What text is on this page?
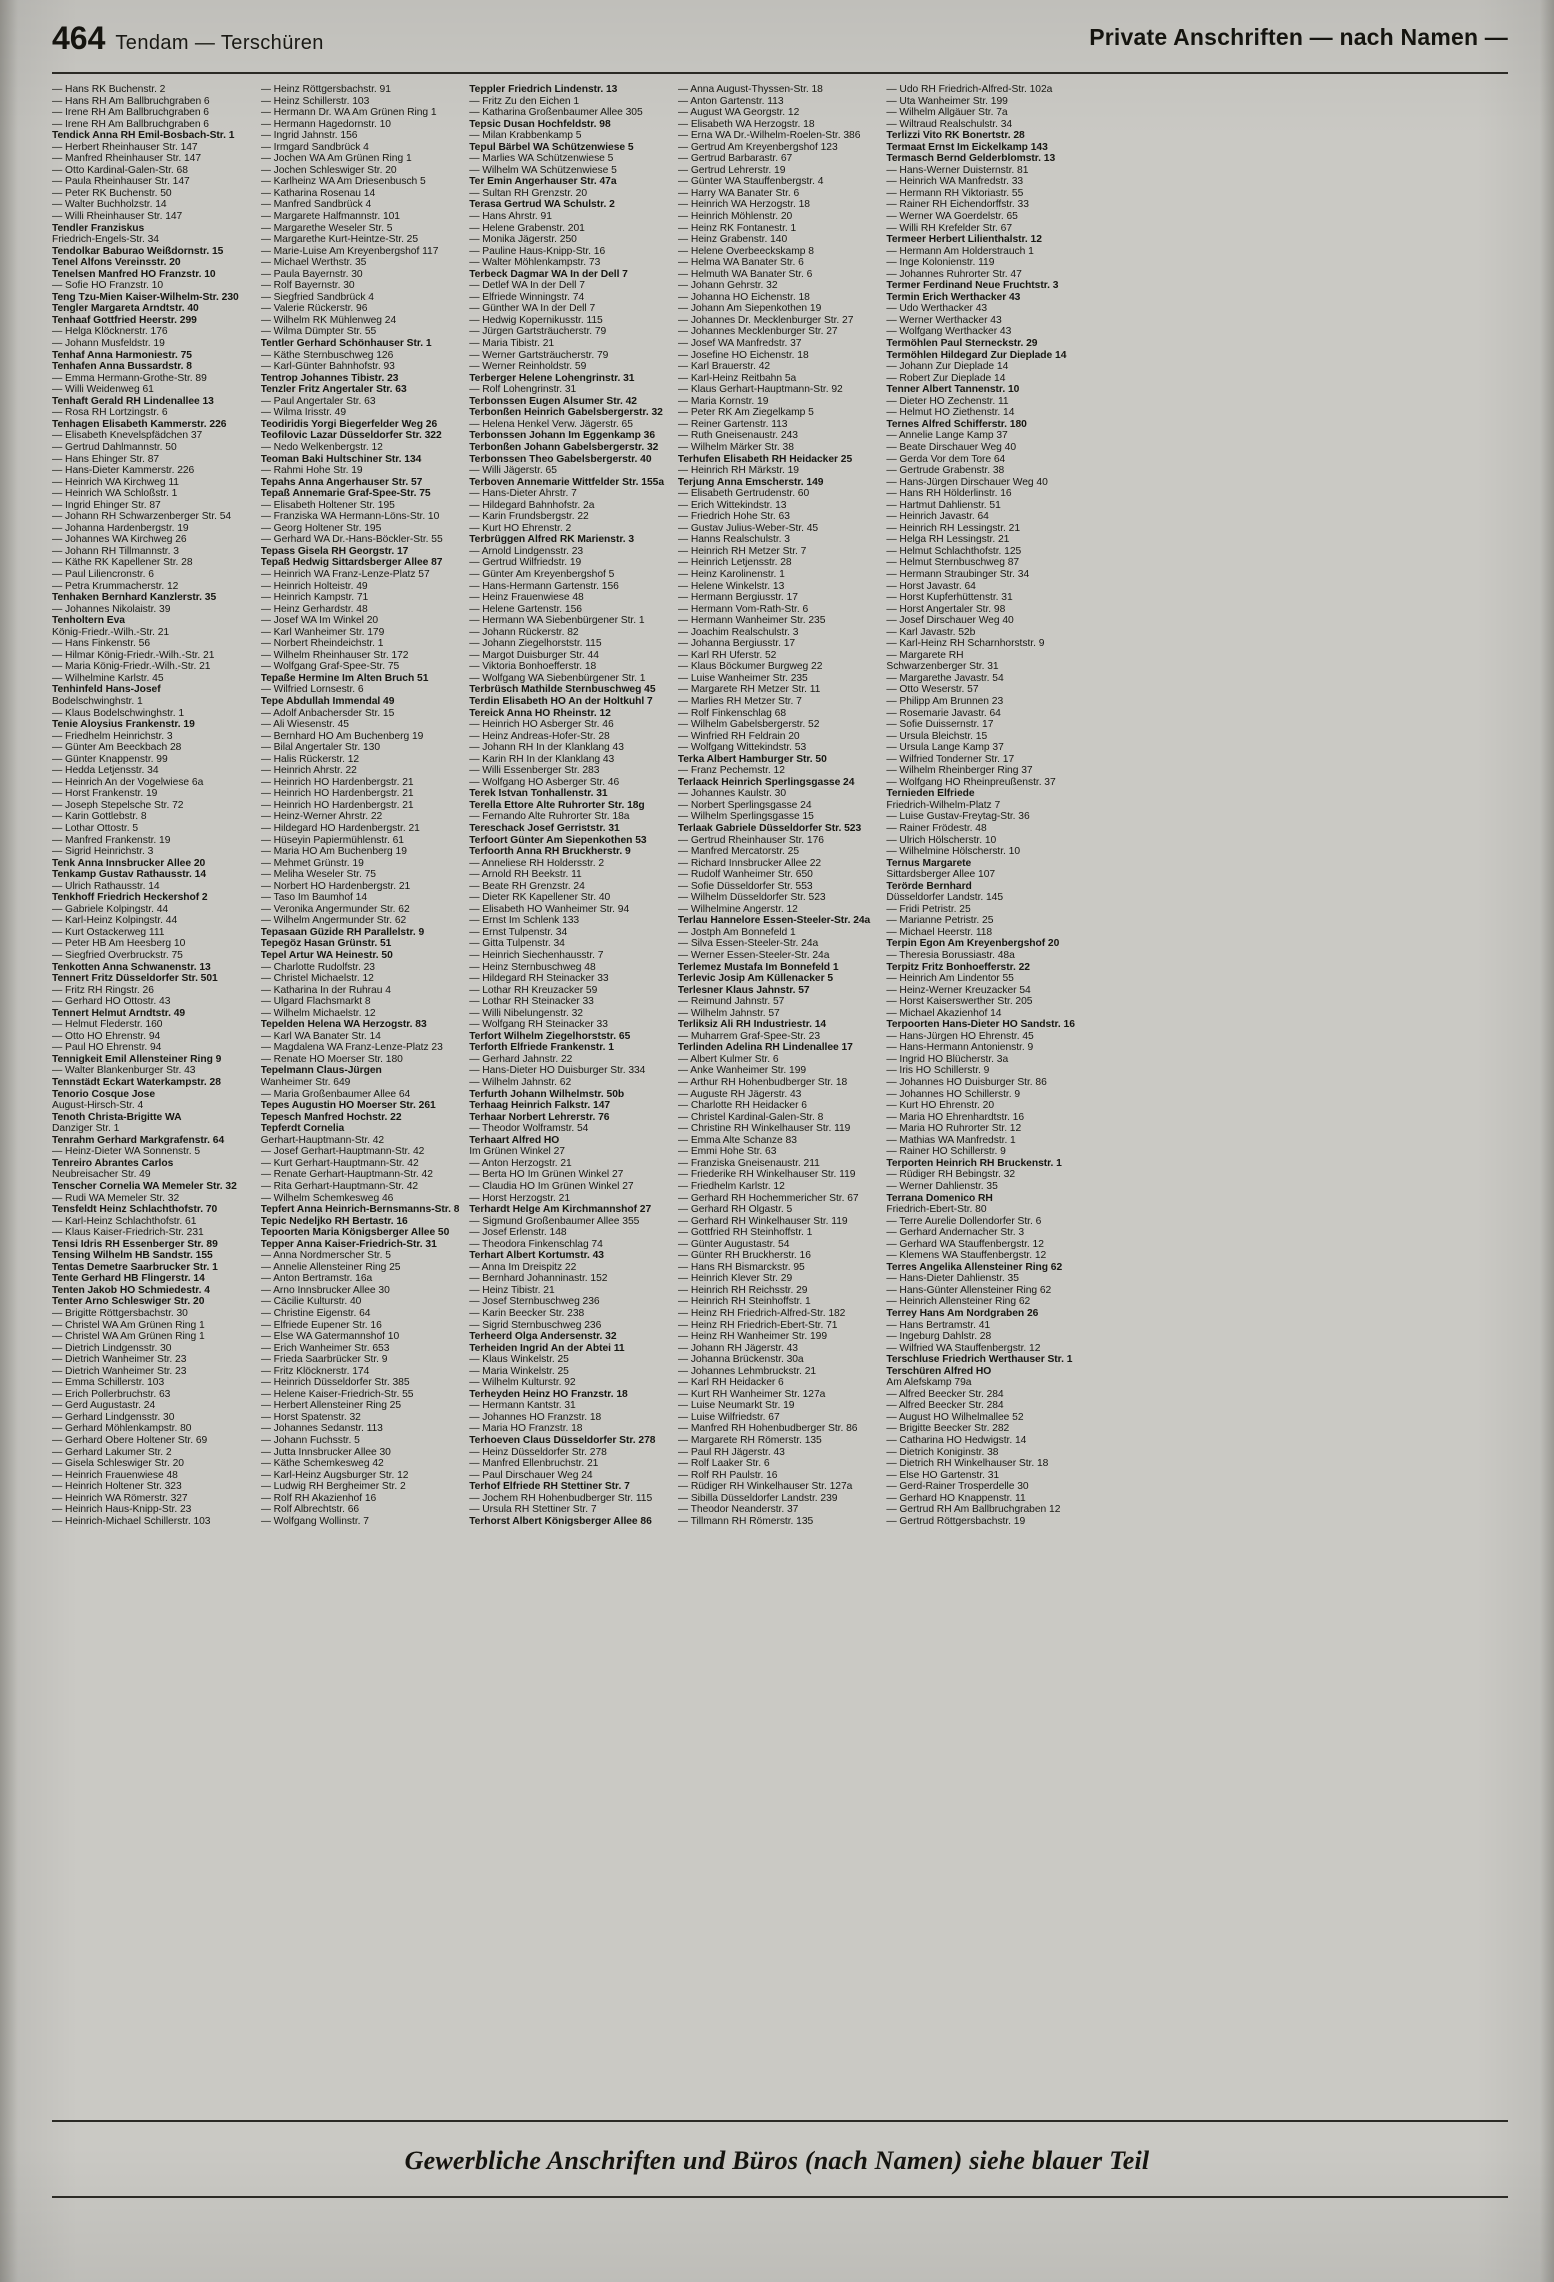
464 Tendam — Terschüren	Private Anschriften — nach Namen —
— Hans RK Buchenstr. 2
— Hans RH Am Ballbruchgraben 6
— Irene RH Am Ballbruchgraben 6
— Irene RH Am Ballbruchgraben 6
Tendick Anna RH Emil-Bosbach-Str. 1
— Herbert Rheinhauser Str. 147
— Manfred Rheinhauser Str. 147
— Otto Kardinal-Galen-Str. 68
— Paula Rheinhauser Str. 147
— Peter RK Buchenstr. 50
— Walter Buchholzstr. 14
— Willi Rheinhauser Str. 147
Tendler Franziskus
Friedrich-Engels-Str. 34
Tendolkar Baburao Weißdornstr. 15
Tenel Alfons Vereinsstr. 20
Tenelsen Manfred HO Franzstr. 10
— Sofie HO Franzstr. 10
Teng Tzu-Mien Kaiser-Wilhelm-Str. 230
Tengler Margareta Arndtstr. 40
Tenhaaf Gottfried Heerstr. 299
— Helga Klöcknerstr. 176
— Johann Musfeldstr. 19
Tenhaf Anna Harmoniestr. 75
Tenhafen Anna Bussardstr. 8
— Emma Hermann-Grothe-Str. 89
— Willi Weidenweg 61
Tenhaft Gerald RH Lindenallee 13
— Rosa RH Lortzingstr. 6
Tenhagen Elisabeth Kammerstr. 226
— Elisabeth Knevelspfädchen 37
— Gertrud Dahlmannstr. 50
— Hans Ehinger Str. 87
— Hans-Dieter Kammerstr. 226
— Heinrich WA Kirchweg 11
— Heinrich WA Schloßstr. 1
— Ingrid Ehinger Str. 87
— Johann RH Schwarzenberger Str. 54
— Johanna Hardenbergstr. 19
— Johannes WA Kirchweg 26
— Johann RH Tillmannstr. 3
— Käthe RK Kapellener Str. 28
— Paul Liliencronstr. 6
— Petra Krummacherstr. 12
Tenhaken Bernhard Kanzlerstr. 35
— Johannes Nikolaistr. 39
Tenholtern Eva
König-Friedr.-Wilh.-Str. 21
— Hans Finkenstr. 56
— Hilmar König-Friedr.-Wilh.-Str. 21
— Maria König-Friedr.-Wilh.-Str. 21
— Wilhelmine Karlstr. 45
Tenhinfeld Hans-Josef
Bodelschwinghstr. 1
— Klaus Bodelschwinghstr. 1
Tenie Aloysius Frankenstr. 19
— Friedhelm Heinrichstr. 3
— Günter Am Beeckbach 28
— Günter Knappenstr. 99
— Hedda Letjensstr. 34
— Heinrich An der Vogelwiese 6a
— Horst Frankenstr. 19
— Joseph Stepelsche Str. 72
— Karin Gottlebstr. 8
— Lothar Ottostr. 5
— Manfred Frankenstr. 19
— Sigrid Heinrichstr. 3
Tenk Anna Innsbrucker Allee 20
Tenkamp Gustav Rathausstr. 14
— Ulrich Rathausstr. 14
Tenkhoff Friedrich Heckershof 2
— Gabriele Kolpingstr. 44
— Karl-Heinz Kolpingstr. 44
— Kurt Ostackerweg 111
— Peter HB Am Heesberg 10
— Siegfried Overbruckstr. 75
Tenkotten Anna Schwanenstr. 13
Tennert Fritz Düsseldorfer Str. 501
— Fritz RH Ringstr. 26
— Gerhard HO Ottostr. 43
Tennert Helmut Arndtstr. 49
— Helmut Flederstr. 160
— Otto HO Ehrenstr. 94
— Paul HO Ehrenstr. 94
Tennigkeit Emil Allensteiner Ring 9
— Walter Blankenburger Str. 43
Tennstädt Eckart Waterkampstr. 28
Tenorio Cosque Jose
August-Hirsch-Str. 4
Tenoth Christa-Brigitte WA
Danziger Str. 1
Tenrahm Gerhard Markgrafenstr. 64
— Heinz-Dieter WA Sonnenstr. 5
Tenreiro Abrantes Carlos
Neubreisacher Str. 49
Tenscher Cornelia WA Memeler Str. 32
— Rudi WA Memeler Str. 32
Tensfeldt Heinz Schlachthofstr. 70
— Karl-Heinz Schlachthofstr. 61
— Klaus Kaiser-Friedrich-Str. 231
Tensi Idris RH Essenberger Str. 89
Tensing Wilhelm HB Sandstr. 155
Tentas Demetre Saarbrucker Str. 1
Tente Gerhard HB Flingerstr. 14
Tenten Jakob HO Schmiedestr. 4
Tenter Arno Schleswiger Str. 20
— Brigitte Röttgersbachstr. 30
— Christel WA Am Grünen Ring 1
— Christel WA Am Grünen Ring 1
— Dietrich Lindgensstr. 30
— Dietrich Wanheimer Str. 23
— Dietrich Wanheimer Str. 23
— Emma Schillerstr. 103
— Erich Pollerbruchstr. 63
— Gerd Augustastr. 24
— Gerhard Lindgensstr. 30
— Gerhard Möhlenkampstr. 80
— Gerhard Obere Holtener Str. 69
— Gerhard Lakumer Str. 2
— Gisela Schleswiger Str. 20
— Heinrich Frauenwiese 48
— Heinrich Holtener Str. 323
— Heinrich WA Römerstr. 327
— Heinrich Haus-Knipp-Str. 23
— Heinrich-Michael Schillerstr. 103
— Heinz Röttgersbachstr. 91
— Heinz Schillerstr. 103
— Hermann Dr. WA Am Grünen Ring 1
— Hermann Hagedornstr. 10
— Ingrid Jahnstr. 156
— Irmgard Sandbrück 4
— Jochen WA Am Grünen Ring 1
— Jochen Schleswiger Str. 20
— Karlheinz WA Am Driesenbusch 5
— Katharina Rosenau 14
— Manfred Sandbrück 4
— Margarete Halfmannstr. 101
— Margarethe Weseler Str. 5
— Margarethe Kurt-Heintze-Str. 25
— Marie-Luise Am Kreyenbergshof 117
— Michael Werthstr. 35
— Paula Bayernstr. 30
— Rolf Bayernstr. 30
— Siegfried Sandbrück 4
— Valerie Rückerstr. 96
— Wilhelm RK Mühlenweg 24
— Wilma Dümpter Str. 55
Tentler Gerhard Schönhauser Str. 1
— Käthe Sternbuschweg 126
— Karl-Günter Bahnhofstr. 93
Tentrop Johannes Tibistr. 23
Tenzler Fritz Angertaler Str. 63
— Paul Angertaler Str. 63
— Wilma Irisstr. 49
Teodiridis Yorgi Biegerfelder Weg 26
Teofilovic Lazar Düsseldorfer Str. 322
— Nedo Welkenbergstr. 12
Teoman Baki Hultschiner Str. 134
— Rahmi Hohe Str. 19
Tepahs Anna Angerhauser Str. 57
Tepaß Annemarie Graf-Spee-Str. 75
— Elisabeth Holtener Str. 195
— Franziska WA Hermann-Löns-Str. 10
— Georg Holtener Str. 195
— Gerhard WA Dr.-Hans-Böckler-Str. 55
Tepass Gisela RH Georgstr. 17
Tepaß Hedwig Sittardsberger Allee 87
— Heinrich WA Franz-Lenze-Platz 57
— Heinrich Holteistr. 49
— Heinrich Kampstr. 71
— Heinz Gerhardstr. 48
— Josef WA Im Winkel 20
— Karl Wanheimer Str. 179
— Norbert Rheindeichstr. 1
— Wilhelm Rheinhauser Str. 172
— Wolfgang Graf-Spee-Str. 75
Tepaße Hermine Im Alten Bruch 51
— Wilfried Lornsestr. 6
Tepe Abdullah Immendal 49
— Adolf Anbachersder Str. 15
— Ali Wiesenstr. 45
— Bernhard HO Am Buchenberg 19
— Bilal Angertaler Str. 130
— Halis Rückerstr. 12
— Heinrich Ahrstr. 22
— Heinrich HO Hardenbergstr. 21
— Heinrich HO Hardenbergstr. 21
— Heinrich HO Hardenbergstr. 21
— Heinz-Werner Ahrstr. 22
— Hildegard HO Hardenbergstr. 21
— Hüseyin Papiermühlenstr. 61
— Maria HO Am Buchenberg 19
— Mehmet Grünstr. 19
— Meliha Weseler Str. 75
— Norbert HO Hardenbergstr. 21
— Taso Im Baumhof 14
— Veronika Angermunder Str. 62
— Wilhelm Angermunder Str. 62
Tepasaan Güzide RH Parallelstr. 9
Tepegöz Hasan Grünstr. 51
Tepel Artur WA Heinestr. 50
— Charlotte Rudolfstr. 23
— Christel Michaelstr. 12
— Katharina In der Ruhrau 4
— Ulgard Flachsmarkt 8
— Wilhelm Michaelstr. 12
Tepelden Helena WA Herzogstr. 83
— Karl WA Banater Str. 14
— Magdalena WA Franz-Lenze-Platz 23
— Renate HO Moerser Str. 180
Tepelmann Claus-Jürgen
Wanheimer Str. 649
— Maria Großenbaumer Allee 64
Tepes Augustin HO Moerser Str. 261
Tepesch Manfred Hochstr. 22
Tepferdt Cornelia
Gerhart-Hauptmann-Str. 42
— Josef Gerhart-Hauptmann-Str. 42
— Kurt Gerhart-Hauptmann-Str. 42
— Renate Gerhart-Hauptmann-Str. 42
— Rita Gerhart-Hauptmann-Str. 42
— Wilhelm Schemkesweg 46
Tepfert Anna Heinrich-Bernsmanns-Str. 8
Tepic Nedeljko RH Bertastr. 16
Tepoorten Maria Königsberger Allee 50
Tepper Anna Kaiser-Friedrich-Str. 31
— Anna Nordmerscher Str. 5
— Annelie Allensteiner Ring 25
— Anton Bertramstr. 16a
— Arno Innsbrucker Allee 30
— Cäcilie Kulturstr. 40
— Christine Eigenstr. 64
— Elfriede Eupener Str. 16
— Else WA Gatermannshof 10
— Erich Wanheimer Str. 653
— Frieda Saarbrücker Str. 9
— Fritz Klöcknerstr. 174
— Heinrich Düsseldorfer Str. 385
— Helene Kaiser-Friedrich-Str. 55
— Herbert Allensteiner Ring 25
— Horst Spatenstr. 32
— Johannes Sedanstr. 113
— Johann Fuchsstr. 5
— Jutta Innsbrucker Allee 30
— Käthe Schemkesweg 42
— Karl-Heinz Augsburger Str. 12
— Ludwig RH Bergheimer Str. 2
— Rolf RH Akazienhof 16
— Rolf Albrechtstr. 66
— Wolfgang Wollinstr. 7
Teppler Friedrich Lindenstr. 13
— Fritz Zu den Eichen 1
— Katharina Großenbaumer Allee 305
Tepsic Dusan Hochfeldstr. 98
— Milan Krabbenkamp 5
Tepul Bärbel WA Schützenwiese 5
— Marlies WA Schützenwiese 5
— Wilhelm WA Schützenwiese 5
Ter Emin Angerhauser Str. 47a
— Sultan RH Grenzstr. 20
Terasa Gertrud WA Schulstr. 2
— Hans Ahrstr. 91
— Helene Grabenstr. 201
— Monika Jägerstr. 250
— Pauline Haus-Knipp-Str. 16
— Walter Möhlenkampstr. 73
Terbeck Dagmar WA In der Dell 7
— Detlef WA In der Dell 7
— Elfriede Winningstr. 74
— Günther WA In der Dell 7
— Hedwig Kopernikusstr. 115
— Jürgen Gartsträucherstr. 79
— Maria Tibistr. 21
— Werner Gartsträucherstr. 79
— Werner Reinholdstr. 59
Terberger Helene Lohengrinstr. 31
— Rolf Lohengrinstr. 31
Terbonssen Eugen Alsumer Str. 42
Terbonßen Heinrich Gabelsbergerstr. 32
— Helena Henkel Verw. Jägerstr. 65
Terbonssen Johann Im Eggenkamp 36
Terbonßen Johann Gabelsbergerstr. 32
Terbonssen Theo Gabelsbergerstr. 40
— Willi Jägerstr. 65
Terboven Annemarie Wittfelder Str. 155a
— Hans-Dieter Ahrstr. 7
— Hildegard Bahnhofstr. 2a
— Karin Frundsbergstr. 22
— Kurt HO Ehrenstr. 2
Terbrüggen Alfred RK Marienstr. 3
— Arnold Lindgensstr. 23
— Gertrud Wilfriedstr. 19
— Günter Am Kreyenbergshof 5
— Hans-Hermann Gartenstr. 156
— Heinz Frauenwiese 48
— Helene Gartenstr. 156
— Hermann WA Siebenbürgener Str. 1
— Johann Rückerstr. 82
— Johann Ziegelhorststr. 115
— Margot Duisburger Str. 44
— Viktoria Bonhoefferstr. 18
— Wolfgang WA Siebenbürgener Str. 1
Terbrüsch Mathilde Sternbuschweg 45
Terdin Elisabeth HO An der Holtkuhl 7
Tereick Anna HO Rheinstr. 12
— Heinrich HO Asberger Str. 46
— Heinz Andreas-Hofer-Str. 28
— Johann RH In der Klanklang 43
— Karin RH In der Klanklang 43
— Willi Essenberger Str. 283
— Wolfgang HO Asberger Str. 46
Terek Istvan Tonhallenstr. 31
Terella Ettore Alte Ruhrorter Str. 18g
— Fernando Alte Ruhrorter Str. 18a
Tereschack Josef Gerriststr. 31
Terfoort Günter Am Siepenkothen 53
Terfoorth Anna RH Bruckherstr. 9
— Anneliese RH Holdersstr. 2
— Arnold RH Beekstr. 11
— Beate RH Grenzstr. 24
— Dieter RK Kapellener Str. 40
— Elisabeth HO Wanheimer Str. 94
— Ernst Im Schlenk 133
— Ernst Tulpenstr. 34
— Gitta Tulpenstr. 34
— Heinrich Siechenhausstr. 7
— Heinz Sternbuschweg 48
— Hildegard RH Steinacker 33
— Lothar RH Kreuzacker 59
— Lothar RH Steinacker 33
— Willi Nibelungenstr. 32
— Wolfgang RH Steinacker 33
Terfort Wilhelm Ziegelhorststr. 65
Terforth Elfriede Frankenstr. 1
— Gerhard Jahnstr. 22
— Hans-Dieter HO Duisburger Str. 334
— Wilhelm Jahnstr. 62
Terfurth Johann Wilhelmstr. 50b
Terhaag Heinrich Falkstr. 147
Terhaar Norbert Lehrerstr. 76
— Theodor Wolframstr. 54
Terhaart Alfred HO
Im Grünen Winkel 27
— Anton Herzogstr. 21
— Berta HO Im Grünen Winkel 27
— Claudia HO Im Grünen Winkel 27
— Horst Herzogstr. 21
Terhardt Helge Am Kirchmannshof 27
— Sigmund Großenbaumer Allee 355
— Josef Erlenstr. 148
— Theodora Finkenschlag 74
Terhart Albert Kortumstr. 43
— Anna Im Dreispitz 22
— Bernhard Johanninastr. 152
— Heinz Tibistr. 21
— Josef Sternbuschweg 236
— Karin Beecker Str. 238
— Sigrid Sternbuschweg 236
Terheerd Olga Andersenstr. 32
Terheiden Ingrid An der Abtei 11
— Klaus Winkelstr. 25
— Maria Winkelstr. 25
— Wilhelm Kulturstr. 92
Terheyden Heinz HO Franzstr. 18
— Hermann Kantstr. 31
— Johannes HO Franzstr. 18
— Maria HO Franzstr. 18
Terhoeven Claus Düsseldorfer Str. 278
— Heinz Düsseldorfer Str. 278
— Manfred Ellenbruchstr. 21
— Paul Dirschauer Weg 24
Terhof Elfriede RH Stettiner Str. 7
— Jochem RH Hohenbudberger Str. 115
— Ursula RH Stettiner Str. 7
Terhorst Albert Königsberger Allee 86
— Anna August-Thyssen-Str. 18
— Anton Gartenstr. 113
— August WA Georgstr. 12
— Elisabeth WA Herzogstr. 18
— Erna WA Dr.-Wilhelm-Roelen-Str. 386
— Gertrud Am Kreyenbergshof 123
— Gertrud Barbarastr. 67
— Gertrud Lehrerstr. 19
— Günter WA Stauffenbergstr. 4
— Harry WA Banater Str. 6
— Heinrich WA Herzogstr. 18
— Heinrich Möhlenstr. 20
— Heinz RK Fontanestr. 1
— Heinz Grabenstr. 140
— Helene Overbeeckskamp 8
— Helma WA Banater Str. 6
— Helmuth WA Banater Str. 6
— Johann Gehrstr. 32
— Johanna HO Eichenstr. 18
— Johann Am Siepenkothen 19
— Johannes Dr. Mecklenburger Str. 27
— Johannes Mecklenburger Str. 27
— Josef WA Manfredstr. 37
— Josefine HO Eichenstr. 18
— Karl Brauerstr. 42
— Karl-Heinz Reitbahn 5a
— Klaus Gerhart-Hauptmann-Str. 92
— Maria Kornstr. 19
— Peter RK Am Ziegelkamp 5
— Reiner Gartenstr. 113
— Ruth Gneisenaustr. 243
— Wilhelm Märker Str. 38
Terhufen Elisabeth RH Heidacker 25
— Heinrich RH Märkstr. 19
Terjung Anna Emscherstr. 149
— Elisabeth Gertrudenstr. 60
— Erich Wittekindstr. 13
— Friedrich Hohe Str. 63
— Gustav Julius-Weber-Str. 45
— Hanns Realschulstr. 3
— Heinrich RH Metzer Str. 7
— Heinrich Letjensstr. 28
— Heinz Karolinenstr. 1
— Helene Winkelstr. 13
— Hermann Bergiusstr. 17
— Hermann Vom-Rath-Str. 6
— Hermann Wanheimer Str. 235
— Joachim Realschulstr. 3
— Johanna Bergiusstr. 17
— Karl RH Uferstr. 52
— Klaus Böckumer Burgweg 22
— Luise Wanheimer Str. 235
— Margarete RH Metzer Str. 11
— Marlies RH Metzer Str. 7
— Rolf Finkenschlag 68
— Wilhelm Gabelsbergerstr. 52
— Winfried RH Feldrain 20
— Wolfgang Wittekindstr. 53
Terka Albert Hamburger Str. 50
— Franz Pechemstr. 12
Terlaack Heinrich Sperlingsgasse 24
— Johannes Kaulstr. 30
— Norbert Sperlingsgasse 24
— Wilhelm Sperlingsgasse 15
Terlaak Gabriele Düsseldorfer Str. 523
— Gertrud Rheinhauser Str. 176
— Manfred Mercatorstr. 25
— Richard Innsbrucker Allee 22
— Rudolf Wanheimer Str. 650
— Sofie Düsseldorfer Str. 553
— Wilhelm Düsseldorfer Str. 523
— Wilhelmine Angerstr. 12
Terlau Hannelore Essen-Steeler-Str. 24a
— Jostph Am Bonnefeld 1
— Silva Essen-Steeler-Str. 24a
— Werner Essen-Steeler-Str. 24a
Terlemez Mustafa Im Bonnefeld 1
Terlevic Josip Am Küllenacker 5
Terlesner Klaus Jahnstr. 57
— Reimund Jahnstr. 57
— Wilhelm Jahnstr. 57
Terliksiz Ali RH Industriestr. 14
— Muharrem Graf-Spee-Str. 23
Terlinden Adelina RH Lindenallee 17
— Albert Kulmer Str. 6
— Anke Wanheimer Str. 199
— Arthur RH Hohenbudberger Str. 18
— Auguste RH Jägerstr. 43
— Charlotte RH Heidacker 6
— Christel Kardinal-Galen-Str. 8
— Christine RH Winkelhauser Str. 119
— Emma Alte Schanze 83
— Emmi Hohe Str. 63
— Franziska Gneisenaustr. 211
— Friederike RH Winkelhauser Str. 119
— Friedhelm Karlstr. 12
— Gerhard RH Hochemmericher Str. 67
— Gerhard RH Olgastr. 5
— Gerhard RH Winkelhauser Str. 119
— Gottfried RH Steinhoffstr. 1
— Günter Augustastr. 54
— Günter RH Bruckherstr. 16
— Hans RH Bismarckstr. 95
— Heinrich Klever Str. 29
— Heinrich RH Reichsstr. 29
— Heinrich RH Steinhoffstr. 1
— Heinz RH Friedrich-Alfred-Str. 182
— Heinz RH Friedrich-Ebert-Str. 71
— Heinz RH Wanheimer Str. 199
— Johann RH Jägerstr. 43
— Johanna Brückenstr. 30a
— Johannes Lehmbruckstr. 21
— Karl RH Heidacker 6
— Kurt RH Wanheimer Str. 127a
— Luise Neumarkt Str. 19
— Luise Wilfriedstr. 67
— Manfred RH Hohenbudberger Str. 86
— Margarete RH Römerstr. 135
— Paul RH Jägerstr. 43
— Rolf Laaker Str. 6
— Rolf RH Paulstr. 16
— Rüdiger RH Winkelhauser Str. 127a
— Sibilla Düsseldorfer Landstr. 239
— Theodor Neanderstr. 37
— Tillmann RH Römerstr. 135
— Udo RH Friedrich-Alfred-Str. 102a
— Uta Wanheimer Str. 199
— Wilhelm Allgäuer Str. 7a
— Wiltraud Realschulstr. 34
Terlizzi Vito RK Bonertstr. 28
Termaat Ernst Im Eickelkamp 143
Termasch Bernd Gelderblomstr. 13
— Hans-Werner Duisternstr. 81
— Heinrich WA Manfredstr. 33
— Hermann RH Viktoriastr. 55
— Rainer RH Eichendorffstr. 33
— Werner WA Goerdelstr. 65
— Willi RH Krefelder Str. 67
Termeer Herbert Lilienthalstr. 12
— Hermann Am Holderstrauch 1
— Inge Kolonienstr. 119
— Johannes Ruhrorter Str. 47
Termer Ferdinand Neue Fruchtstr. 3
Termin Erich Werthacker 43
— Udo Werthacker 43
— Werner Werthacker 43
— Wolfgang Werthacker 43
Termöhlen Paul Sterneckstr. 29
Termöhlen Hildegard Zur Dieplade 14
— Johann Zur Dieplade 14
— Robert Zur Dieplade 14
Tenner Albert Tannenstr. 10
— Dieter HO Zechenstr. 11
— Helmut HO Ziethenstr. 14
Ternes Alfred Schifferstr. 180
— Annelie Lange Kamp 37
— Beate Dirschauer Weg 40
— Gerda Vor dem Tore 64
— Gertrude Grabenstr. 38
— Hans-Jürgen Dirschauer Weg 40
— Hans RH Hölderlinstr. 16
— Hartmut Dahlienstr. 51
— Heinrich Javastr. 64
— Heinrich RH Lessingstr. 21
— Helga RH Lessingstr. 21
— Helmut Schlachthofstr. 125
— Helmut Sternbuschweg 87
— Hermann Straubinger Str. 34
— Horst Javastr. 64
— Horst Kupferhüttenstr. 31
— Horst Angertaler Str. 98
— Josef Dirschauer Weg 40
— Karl Javastr. 52b
— Karl-Heinz RH Scharnhorststr. 9
— Margarete RH
Schwarzenberger Str. 31
— Margarethe Javastr. 54
— Otto Weserstr. 57
— Philipp Am Brunnen 23
— Rosemarie Javastr. 64
— Sofie Duissernstr. 17
— Ursula Bleichstr. 15
— Ursula Lange Kamp 37
— Wilfried Tonderner Str. 17
— Wilhelm Rheinberger Ring 37
— Wolfgang HO Rheinpreußenstr. 37
Ternieden Elfriede
Friedrich-Wilhelm-Platz 7
— Luise Gustav-Freytag-Str. 36
— Rainer Frödestr. 48
— Ulrich Hölscherstr. 10
— Wilhelmine Hölscherstr. 10
Ternus Margarete
Sittardsberger Allee 107
Terörde Bernhard
Düsseldorfer Landstr. 145
— Fridi Petristr. 25
— Marianne Petristr. 25
— Michael Heerstr. 118
Terpin Egon Am Kreyenbergshof 20
— Theresia Borussiastr. 48a
Terpitz Fritz Bonhoefferstr. 22
— Heinrich Am Lindentor 55
— Heinz-Werner Kreuzacker 54
— Horst Kaiserswerther Str. 205
— Michael Akazienhof 14
Terpoorten Hans-Dieter HO Sandstr. 16
— Hans-Jürgen HO Ehrenstr. 45
— Hans-Hermann Antonienstr. 9
— Ingrid HO Blücherstr. 3a
— Iris HO Schillerstr. 9
— Johannes HO Duisburger Str. 86
— Johannes HO Schillerstr. 9
— Kurt HO Ehrenstr. 20
— Maria HO Ehrenhardtstr. 16
— Maria HO Ruhrorter Str. 12
— Mathias WA Manfredstr. 1
— Rainer HO Schillerstr. 9
Terporten Heinrich RH Bruckenstr. 1
— Rüdiger RH Bebingstr. 32
— Werner Dahlienstr. 35
Terrana Domenico RH
Friedrich-Ebert-Str. 80
— Terre Aurelie Dollendorfer Str. 6
— Gerhard Andernacher Str. 3
— Gerhard WA Stauffenbergstr. 12
— Klemens WA Stauffenbergstr. 12
Terres Angelika Allensteiner Ring 62
— Hans-Dieter Dahlienstr. 35
— Hans-Günter Allensteiner Ring 62
— Heinrich Allensteiner Ring 62
Terrey Hans Am Nordgraben 26
— Hans Bertramstr. 41
— Ingeburg Dahlstr. 28
— Wilfried WA Stauffenbergstr. 12
Terschluse Friedrich Werthauser Str. 1
Terschüren Alfred HO
Am Alefskamp 79a
— Alfred Beecker Str. 284
— Alfred Beecker Str. 284
— August HO Wilhelmallee 52
— Brigitte Beecker Str. 282
— Catharina HO Hedwigstr. 14
— Dietrich Koniginstr. 38
— Dietrich RH Winkelhauser Str. 18
— Else HO Gartenstr. 31
— Gerd-Rainer Trosperdelle 30
— Gerhard HO Knappenstr. 11
— Gertrud RH Am Ballbruchgraben 12
— Gertrud Röttgersbachstr. 19
Gewerbliche Anschriften und Büros (nach Namen) siehe blauer Teil
